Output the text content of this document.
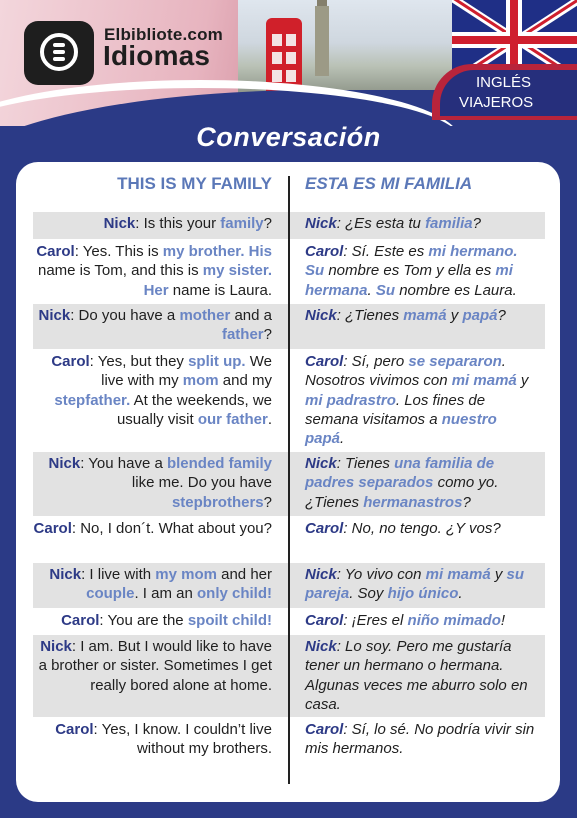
Elbibliote.com
Idiomas
INGLÉS
VIAJEROS
Conversación
THIS IS MY FAMILY ESTA ES MI FAMILIA
Nick: Is this your family? Nick: ¿Es esta tu familia?
Carol: Yes. This is my brother. His name is Tom, and this is my sister. Her name is Laura.
Carol: Sí. Este es mi hermano. Su nombre es Tom y ella es mi hermana. Su nombre es Laura.
Nick: Do you have a mother and a father?
Nick: ¿Tienes mamá y papá?
Carol: Yes, but they split up. We live with my mom and my stepfather. At the weekends, we usually visit our father.
Carol: Sí, pero se separaron. Nosotros vivimos con mi mamá y mi padrastro. Los fines de semana visitamos a nuestro papá.
Nick: You have a blended family like me. Do you have stepbrothers?
Nick: Tienes una familia de padres separados como yo. ¿Tienes hermanastros?
Carol: No, I don´t. What about you? Carol: No, no tengo. ¿Y vos?
Nick: I live with my mom and her couple. I am an only child!
Nick: Yo vivo con mi mamá y su pareja. Soy hijo único.
Carol: You are the spoilt child! Carol: ¡Eres el niño mimado!
Nick: I am. But I would like to have a brother or sister. Sometimes I get really bored alone at home.
Nick: Lo soy. Pero me gustaría tener un hermano o hermana. Algunas veces me aburro solo en casa.
Carol: Yes, I know. I couldn’t live without my brothers.
Carol: Sí, lo sé. No podría vivir sin mis hermanos.
